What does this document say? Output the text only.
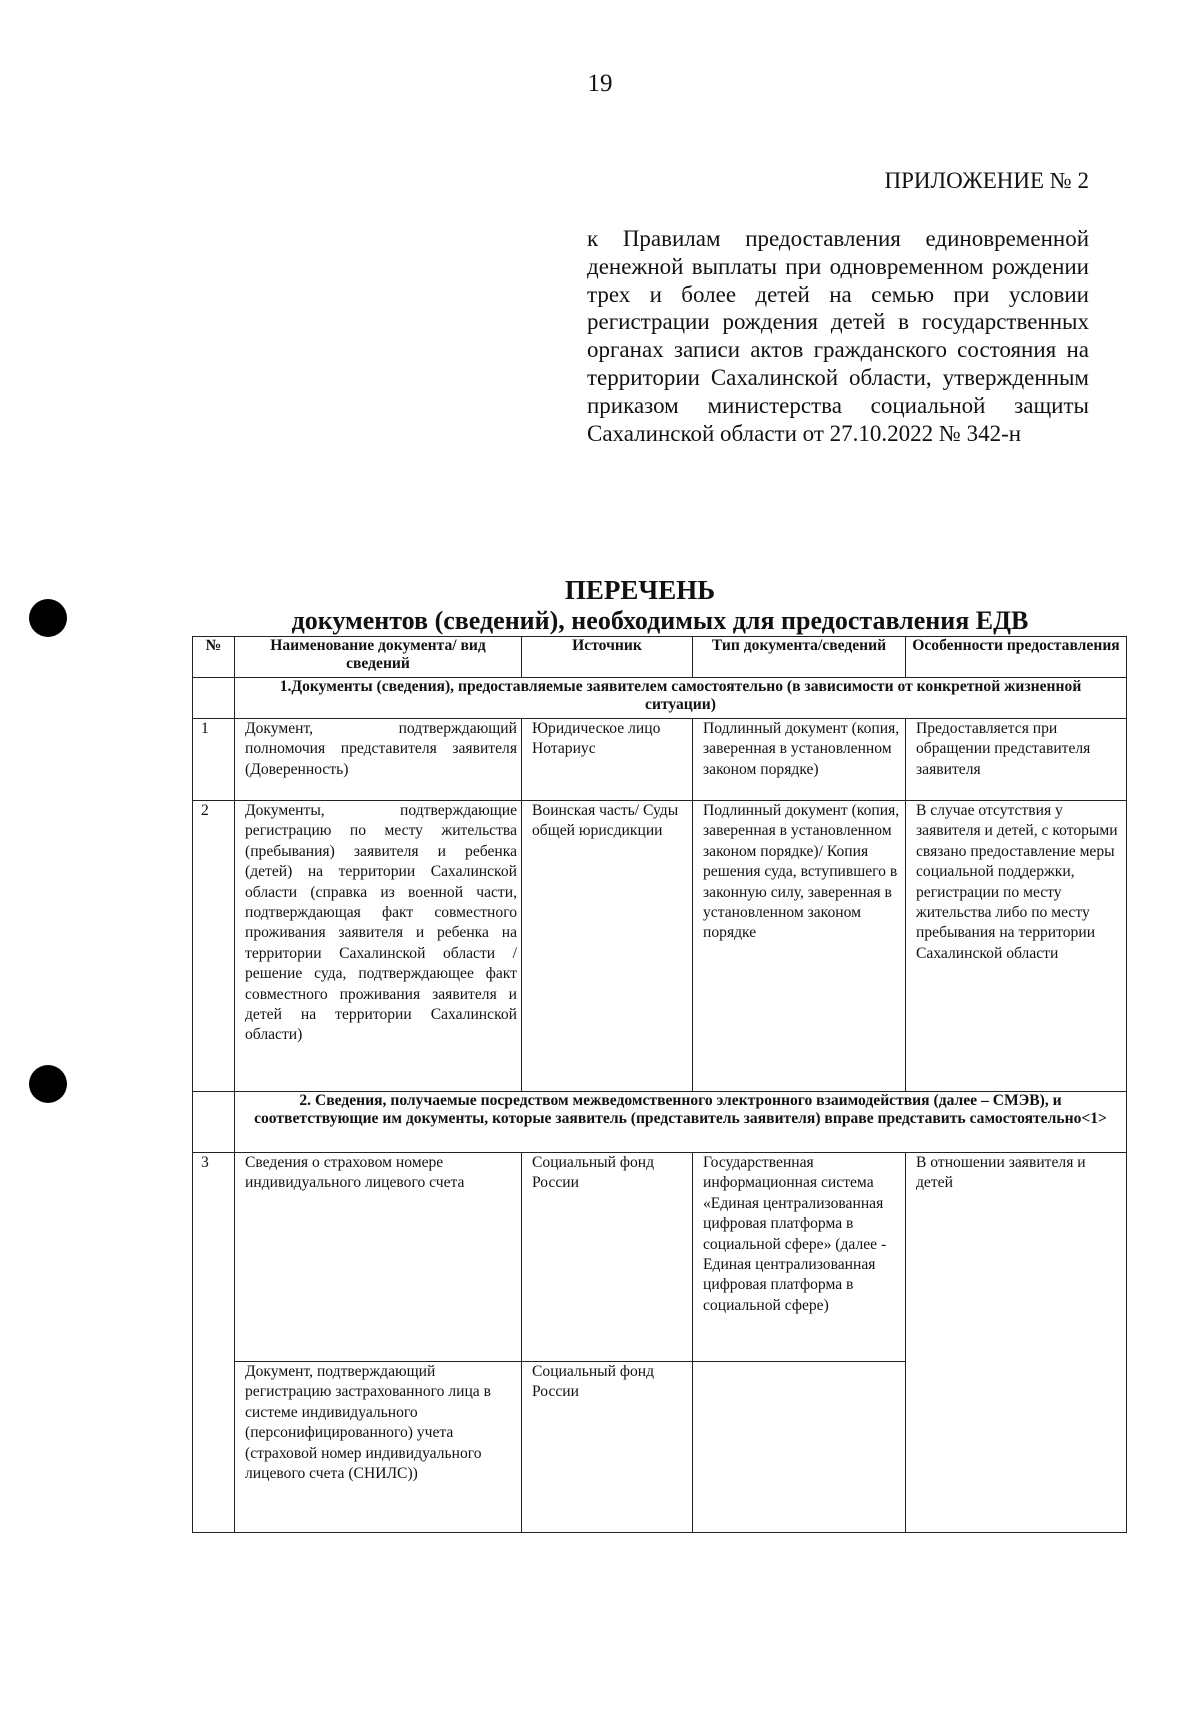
19
ПРИЛОЖЕНИЕ № 2
к Правилам предоставления единовременной денежной выплаты при одновременном рождении трех и более детей на семью при условии регистрации рождения детей в государственных органах записи актов гражданского состояния на территории Сахалинской области, утвержденным приказом министерства социальной защиты Сахалинской области от 27.10.2022 № 342-н
ПЕРЕЧЕНЬ
документов (сведений), необходимых для предоставления ЕДВ
№	Наименование документа/ вид сведений	Источник	Тип документа/сведений	Особенности предоставления
	1.Документы (сведения), предоставляемые заявителем самостоятельно (в зависимости от конкретной жизненной ситуации)			
1	Документ, подтверждающий полномочия представителя заявителя (Доверенность)	Юридическое лицо Нотариус	Подлинный документ (копия, заверенная в установленном законом порядке)	Предоставляется при обращении представителя заявителя
2	Документы, подтверждающие регистрацию по месту жительства (пребывания) заявителя и ребенка (детей) на территории Сахалинской области (справка из военной части, подтверждающая факт совместного проживания заявителя и ребенка на территории Сахалинской области / решение суда, подтверждающее факт совместного проживания заявителя и детей на территории Сахалинской области)	Воинская часть/ Суды общей юрисдикции	Подлинный документ (копия, заверенная в установленном законом порядке)/ Копия решения суда, вступившего в законную силу, заверенная в установленном законом порядке	В случае отсутствия у заявителя и детей, с которыми связано предоставление меры социальной поддержки, регистрации по месту жительства либо по месту пребывания на территории Сахалинской области
	2. Сведения, получаемые посредством межведомственного электронного взаимодействия (далее – СМЭВ), и соответствующие им документы, которые заявитель (представитель заявителя) вправе представить самостоятельно<1>			
3	Сведения о страховом номере индивидуального лицевого счета	Социальный фонд России	Государственная информационная система «Единая централизованная цифровая платформа в социальной сфере» (далее - Единая централизованная цифровая платформа в социальной сфере)	В отношении заявителя и детей
	Документ, подтверждающий регистрацию застрахованного лица в системе индивидуального (персонифицированного) учета (страховой номер индивидуального лицевого счета (СНИЛС))	Социальный фонд России		
